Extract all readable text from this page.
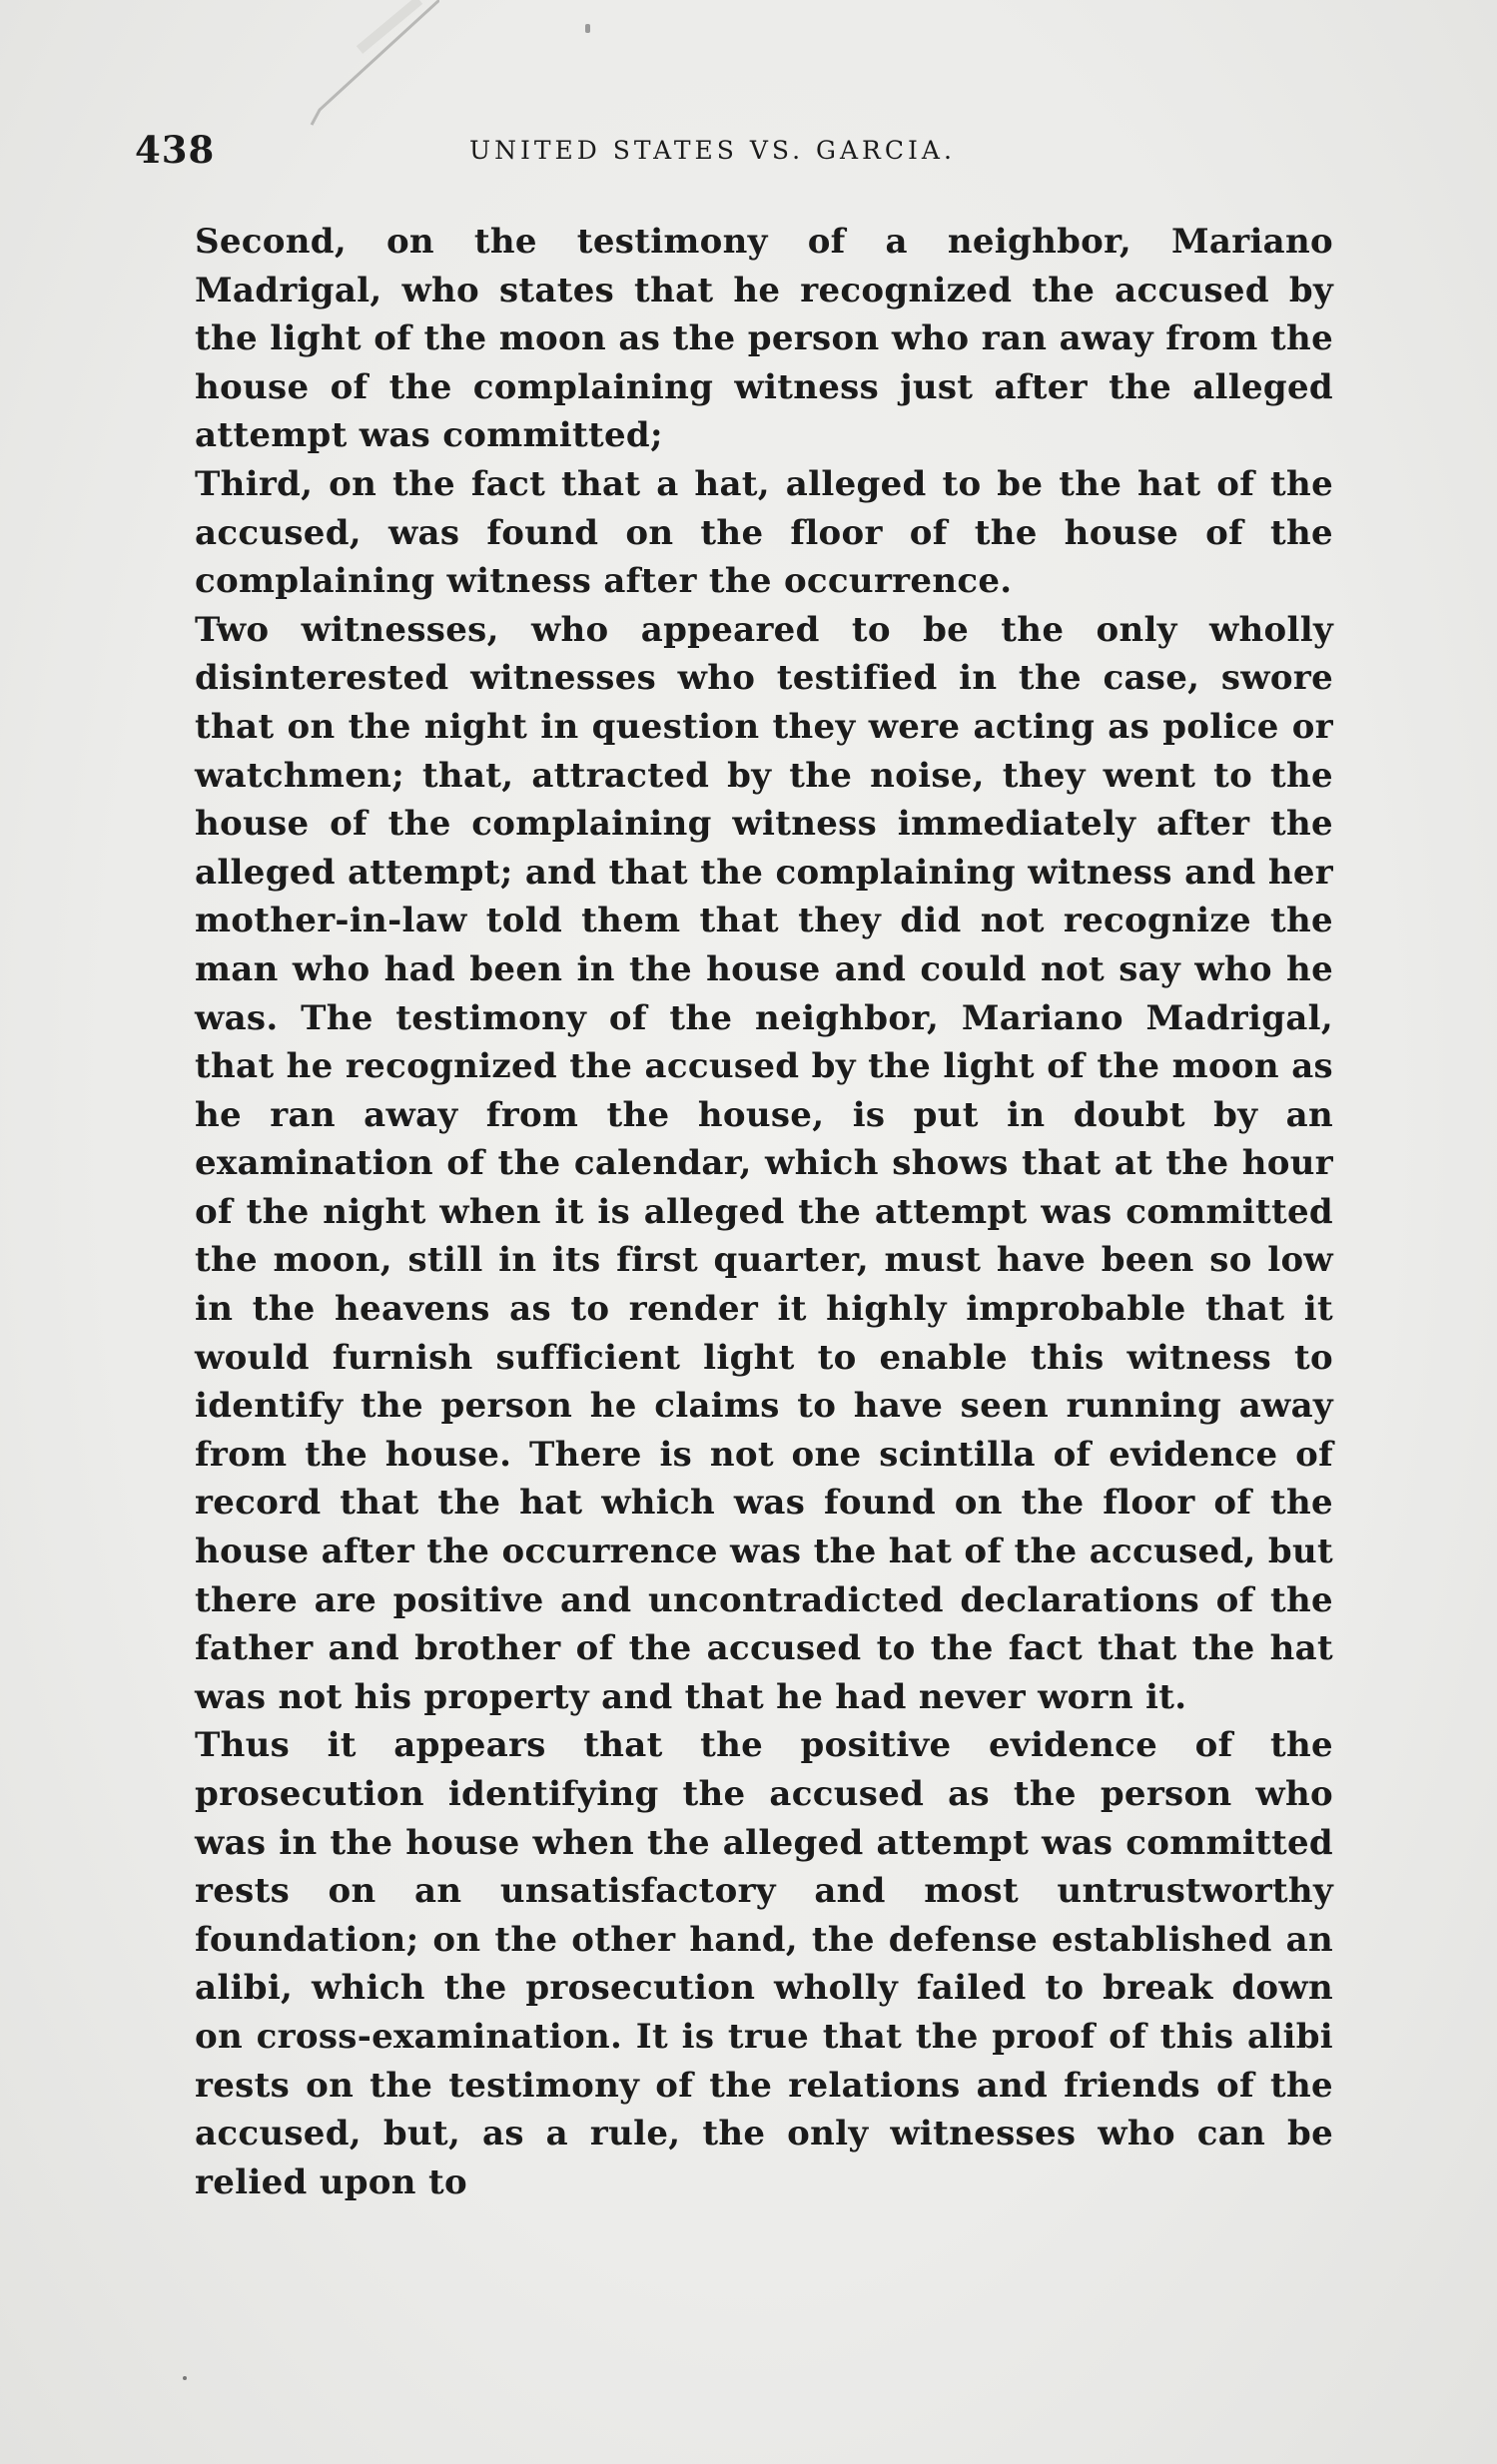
438	UNITED STATES VS. GARCIA.

Second, on the testimony of a neighbor, Mariano Madrigal, who states that he recognized the accused by the light of the moon as the person who ran away from the house of the complaining witness just after the alleged attempt was committed;

Third, on the fact that a hat, alleged to be the hat of the accused, was found on the floor of the house of the complaining witness after the occurrence.

Two witnesses, who appeared to be the only wholly disinterested witnesses who testified in the case, swore that on the night in question they were acting as police or watchmen; that, attracted by the noise, they went to the house of the complaining witness immediately after the alleged attempt; and that the complaining witness and her mother-in-law told them that they did not recognize the man who had been in the house and could not say who he was. The testimony of the neighbor, Mariano Madrigal, that he recognized the accused by the light of the moon as he ran away from the house, is put in doubt by an examination of the calendar, which shows that at the hour of the night when it is alleged the attempt was committed the moon, still in its first quarter, must have been so low in the heavens as to render it highly improbable that it would furnish sufficient light to enable this witness to identify the person he claims to have seen running away from the house. There is not one scintilla of evidence of record that the hat which was found on the floor of the house after the occurrence was the hat of the accused, but there are positive and uncontradicted declarations of the father and brother of the accused to the fact that the hat was not his property and that he had never worn it.

Thus it appears that the positive evidence of the prosecution identifying the accused as the person who was in the house when the alleged attempt was committed rests on an unsatisfactory and most untrustworthy foundation; on the other hand, the defense established an alibi, which the prosecution wholly failed to break down on cross-examination. It is true that the proof of this alibi rests on the testimony of the relations and friends of the accused, but, as a rule, the only witnesses who can be relied upon to
